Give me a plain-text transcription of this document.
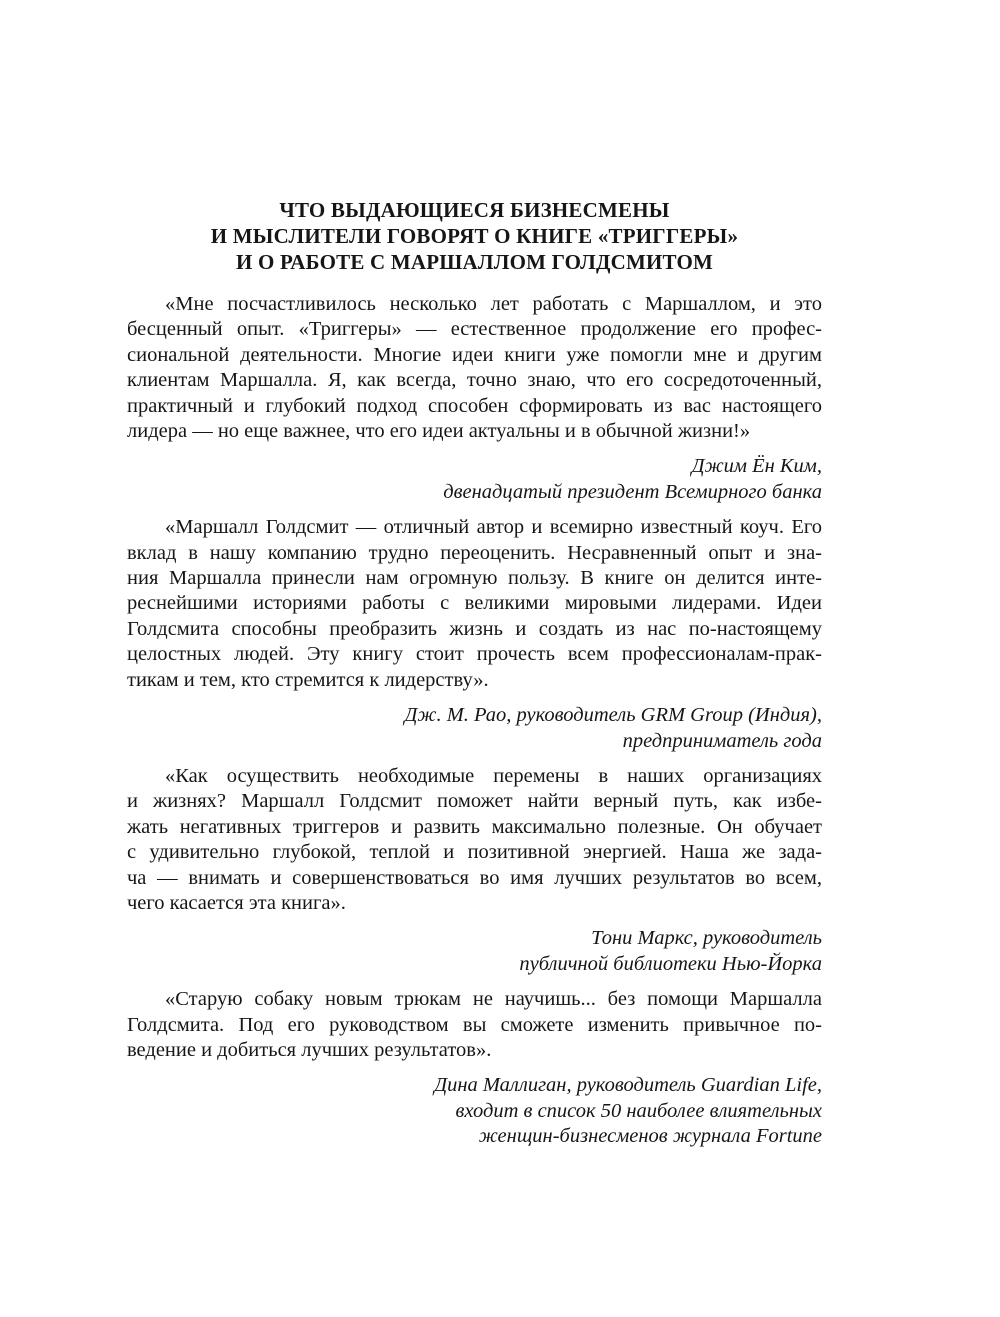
ЧТО ВЫДАЮЩИЕСЯ БИЗНЕСМЕНЫ
И МЫСЛИТЕЛИ ГОВОРЯТ О КНИГЕ «ТРИГГЕРЫ»
И О РАБОТЕ С МАРШАЛЛОМ ГОЛДСМИТОМ

«Мне посчастливилось несколько лет работать с Маршаллом, и это
бесценный опыт. «Триггеры» — естественное продолжение его профес-
сиональной деятельности. Многие идеи книги уже помогли мне и другим
клиентам Маршалла. Я, как всегда, точно знаю, что его сосредоточенный,
практичный и глубокий подход способен сформировать из вас настоящего
лидера — но еще важнее, что его идеи актуальны и в обычной жизни!»

Джим Ён Ким,
двенадцатый президент Всемирного банка

«Маршалл Голдсмит — отличный автор и всемирно известный коуч. Его
вклад в нашу компанию трудно переоценить. Несравненный опыт и зна-
ния Маршалла принесли нам огромную пользу. В книге он делится инте-
реснейшими историями работы с великими мировыми лидерами. Идеи
Голдсмита способны преобразить жизнь и создать из нас по-настоящему
целостных людей. Эту книгу стоит прочесть всем профессионалам-прак-
тикам и тем, кто стремится к лидерству».

Дж. М. Рао, руководитель GRM Group (Индия),
предприниматель года

«Как осуществить необходимые перемены в наших организациях
и жизнях? Маршалл Голдсмит поможет найти верный путь, как избе-
жать негативных триггеров и развить максимально полезные. Он обучает
с удивительно глубокой, теплой и позитивной энергией. Наша же зада-
ча — внимать и совершенствоваться во имя лучших результатов во всем,
чего касается эта книга».

Тони Маркс, руководитель
публичной библиотеки Нью-Йорка

«Старую собаку новым трюкам не научишь... без помощи Маршалла
Голдсмита. Под его руководством вы сможете изменить привычное по-
ведение и добиться лучших результатов».

Дина Маллиган, руководитель Guardian Life,
входит в список 50 наиболее влиятельных
женщин-бизнесменов журнала Fortune
